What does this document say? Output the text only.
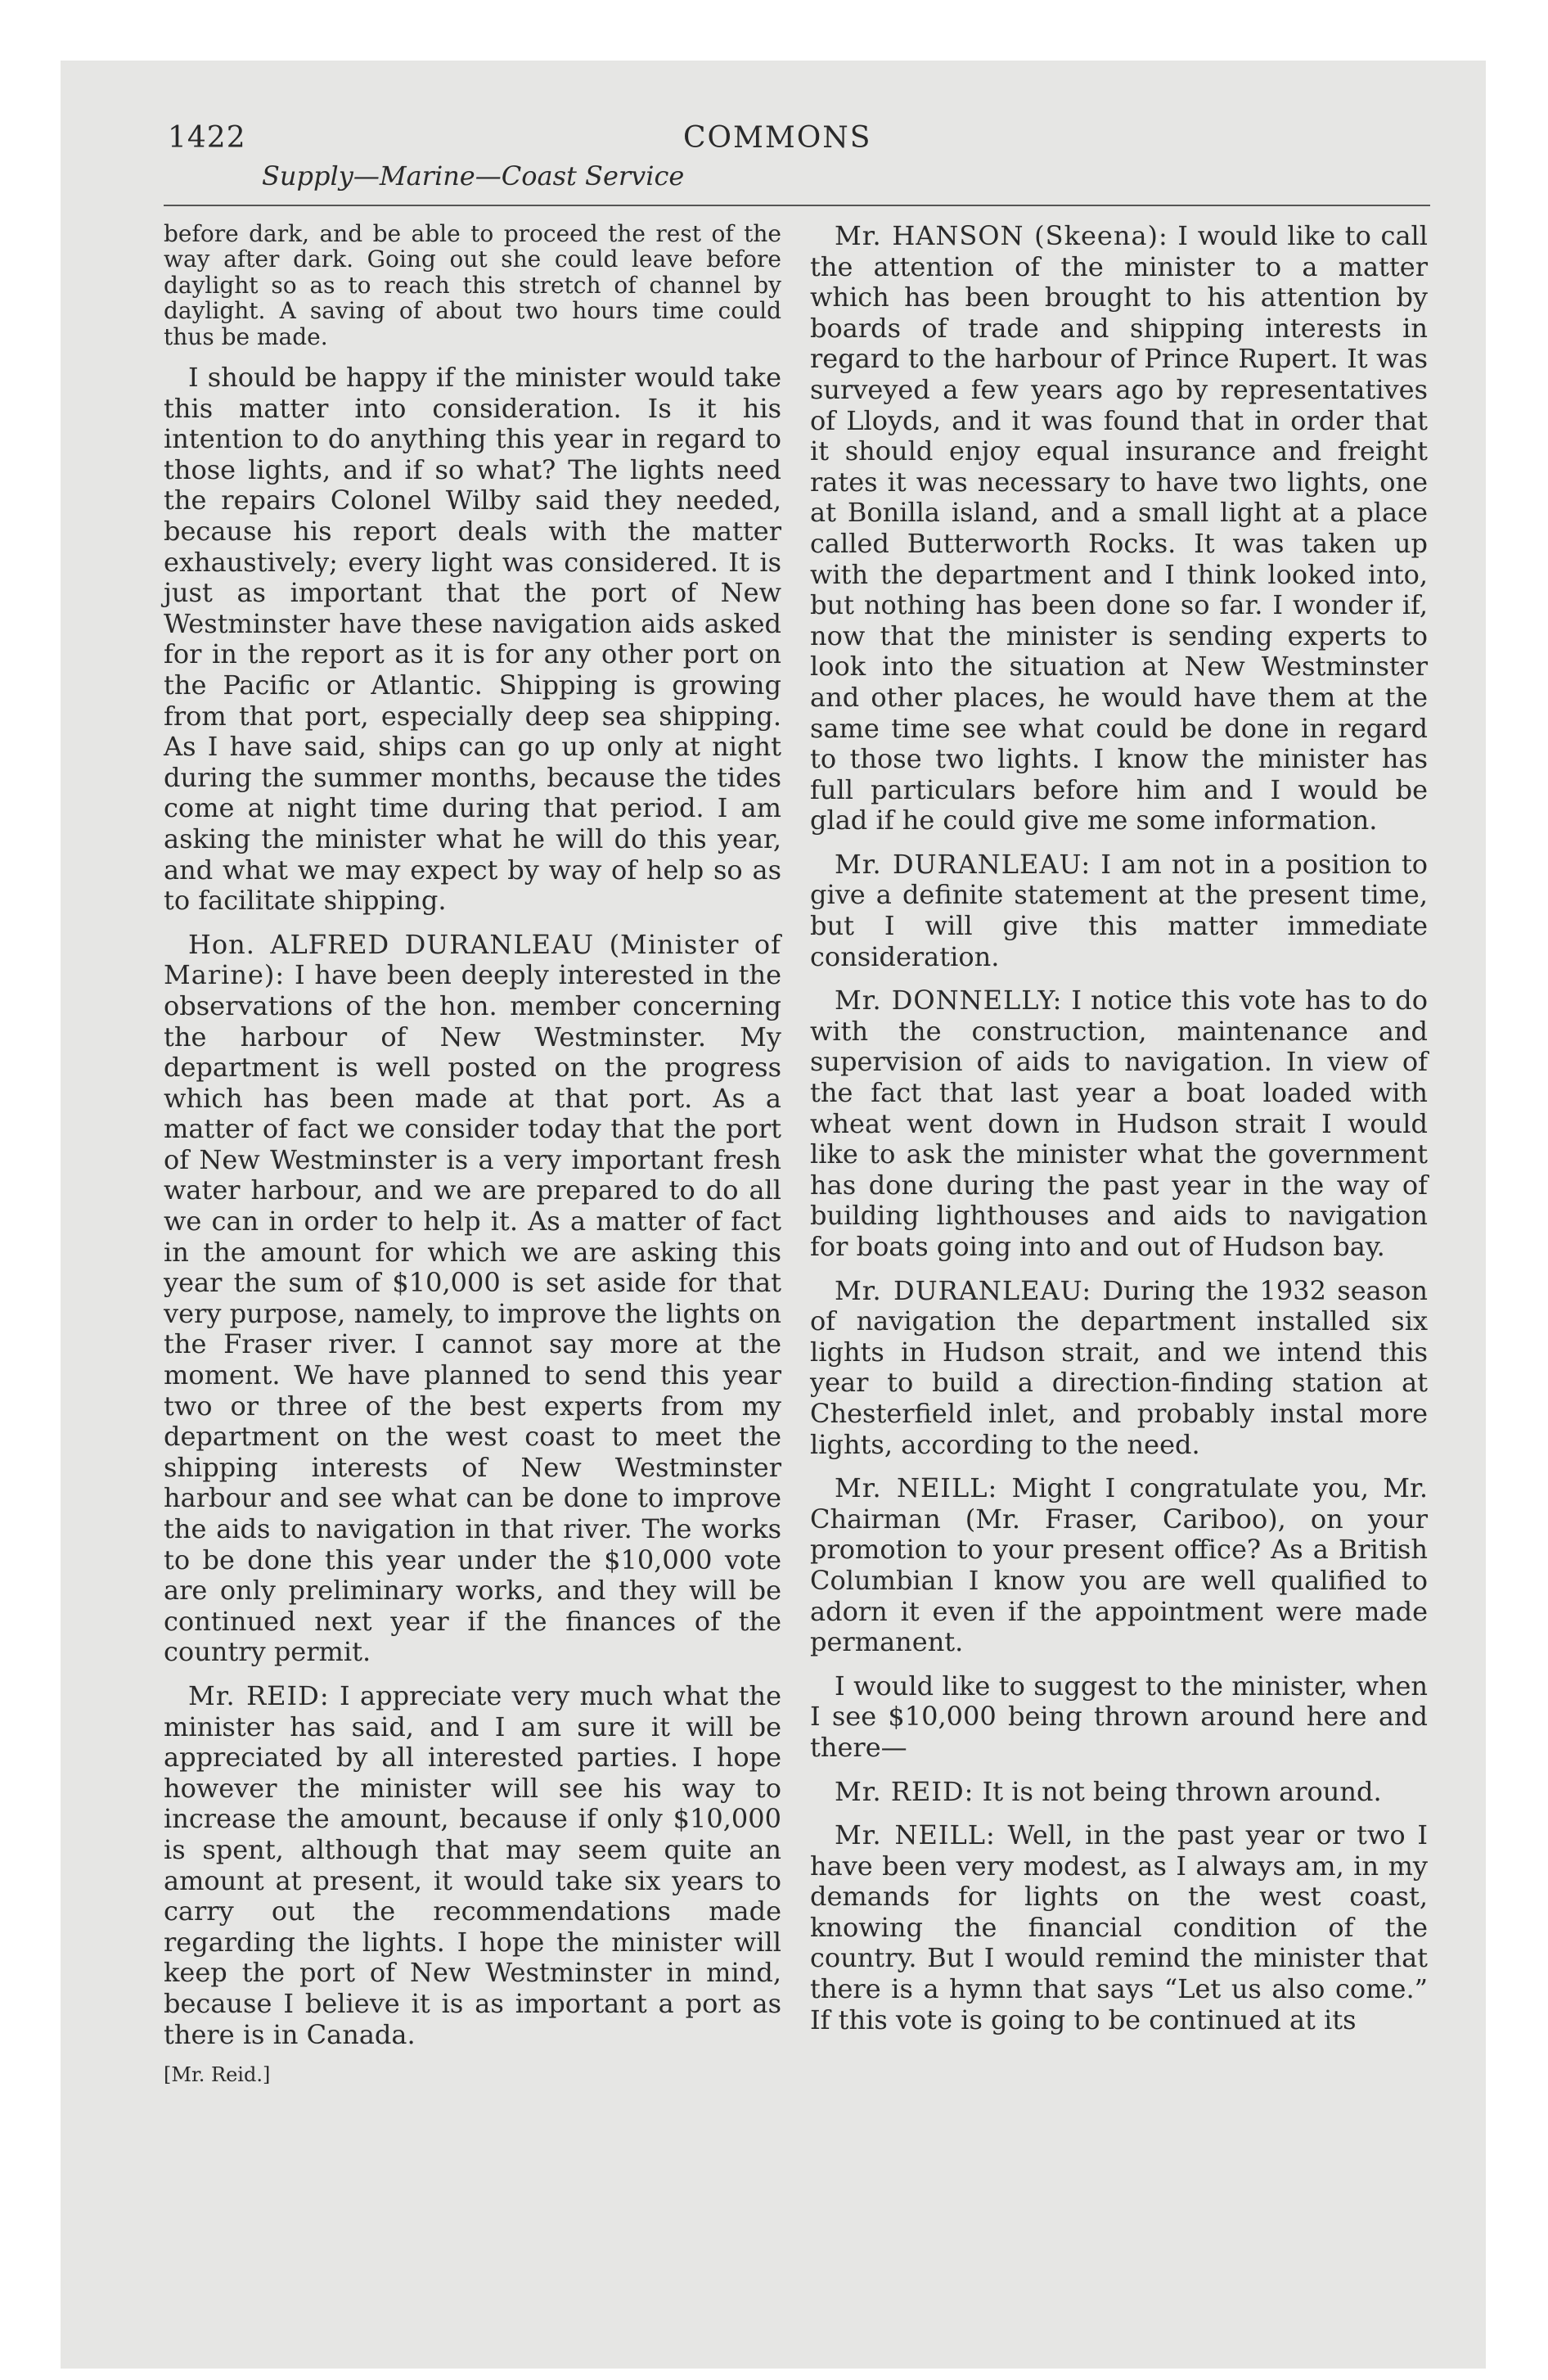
1422	COMMONS
Supply—Marine—Coast Service

before dark, and be able to proceed the rest of the way after dark. Going out she could leave before daylight so as to reach this stretch of channel by daylight. A saving of about two hours time could thus be made.

I should be happy if the minister would take this matter into consideration. Is it his intention to do anything this year in regard to those lights, and if so what? The lights need the repairs Colonel Wilby said they needed, because his report deals with the matter exhaustively; every light was considered. It is just as important that the port of New Westminster have these navigation aids asked for in the report as it is for any other port on the Pacific or Atlantic. Shipping is growing from that port, especially deep sea shipping. As I have said, ships can go up only at night during the summer months, because the tides come at night time during that period. I am asking the minister what he will do this year, and what we may expect by way of help so as to facilitate shipping.

Hon. ALFRED DURANLEAU (Minister of Marine): I have been deeply interested in the observations of the hon. member concerning the harbour of New Westminster. My department is well posted on the progress which has been made at that port. As a matter of fact we consider today that the port of New Westminster is a very important fresh water harbour, and we are prepared to do all we can in order to help it. As a matter of fact in the amount for which we are asking this year the sum of $10,000 is set aside for that very purpose, namely, to improve the lights on the Fraser river. I cannot say more at the moment. We have planned to send this year two or three of the best experts from my department on the west coast to meet the shipping interests of New Westminster harbour and see what can be done to improve the aids to navigation in that river. The works to be done this year under the $10,000 vote are only preliminary works, and they will be continued next year if the finances of the country permit.

Mr. REID: I appreciate very much what the minister has said, and I am sure it will be appreciated by all interested parties. I hope however the minister will see his way to increase the amount, because if only $10,000 is spent, although that may seem quite an amount at present, it would take six years to carry out the recommendations made regarding the lights. I hope the minister will keep the port of New Westminster in mind, because I believe it is as important a port as there is in Canada.

[Mr. Reid.]

Mr. HANSON (Skeena): I would like to call the attention of the minister to a matter which has been brought to his attention by boards of trade and shipping interests in regard to the harbour of Prince Rupert. It was surveyed a few years ago by representatives of Lloyds, and it was found that in order that it should enjoy equal insurance and freight rates it was necessary to have two lights, one at Bonilla island, and a small light at a place called Butterworth Rocks. It was taken up with the department and I think looked into, but nothing has been done so far. I wonder if, now that the minister is sending experts to look into the situation at New Westminster and other places, he would have them at the same time see what could be done in regard to those two lights. I know the minister has full particulars before him and I would be glad if he could give me some information.

Mr. DURANLEAU: I am not in a position to give a definite statement at the present time, but I will give this matter immediate consideration.

Mr. DONNELLY: I notice this vote has to do with the construction, maintenance and supervision of aids to navigation. In view of the fact that last year a boat loaded with wheat went down in Hudson strait I would like to ask the minister what the government has done during the past year in the way of building lighthouses and aids to navigation for boats going into and out of Hudson bay.

Mr. DURANLEAU: During the 1932 season of navigation the department installed six lights in Hudson strait, and we intend this year to build a direction-finding station at Chesterfield inlet, and probably instal more lights, according to the need.

Mr. NEILL: Might I congratulate you, Mr. Chairman (Mr. Fraser, Cariboo), on your promotion to your present office? As a British Columbian I know you are well qualified to adorn it even if the appointment were made permanent.

I would like to suggest to the minister, when I see $10,000 being thrown around here and there—

Mr. REID: It is not being thrown around.

Mr. NEILL: Well, in the past year or two I have been very modest, as I always am, in my demands for lights on the west coast, knowing the financial condition of the country. But I would remind the minister that there is a hymn that says “Let us also come.” If this vote is going to be continued at its
